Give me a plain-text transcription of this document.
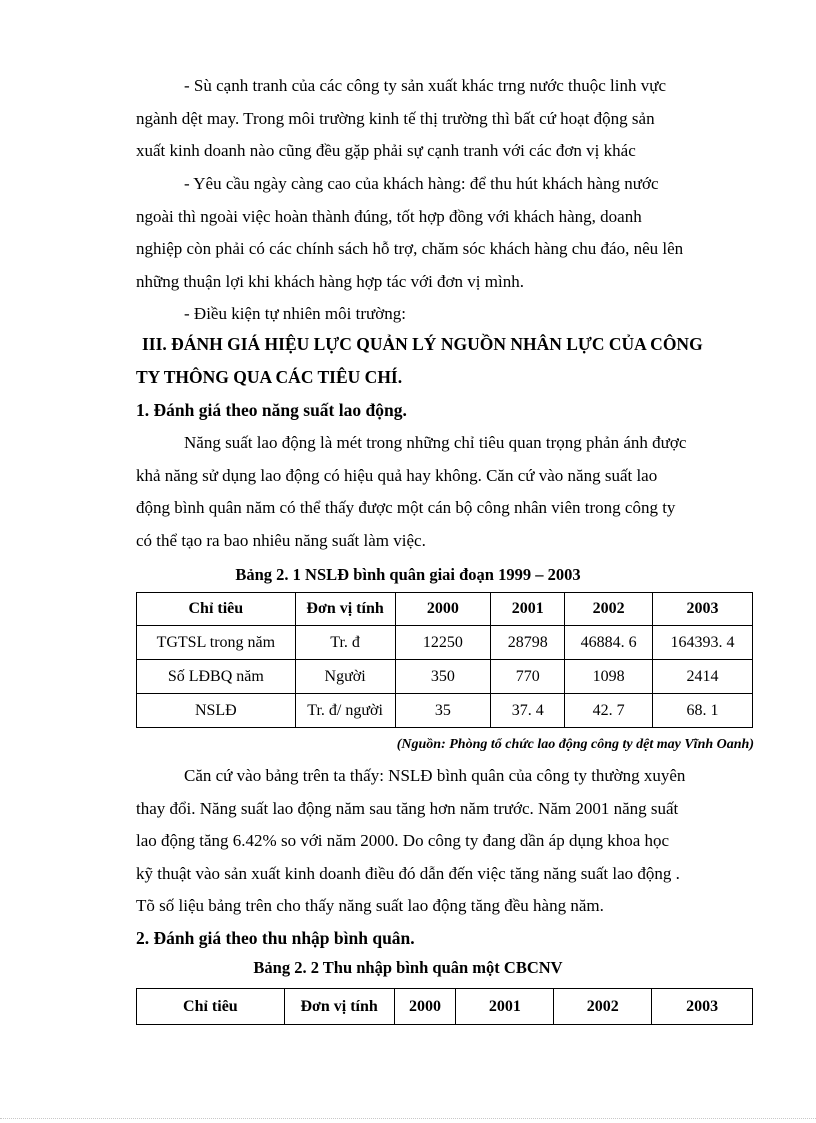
- Sù cạnh tranh của các công ty sản xuất khác trng nước thuộc linh vực
ngành dệt may. Trong môi trường kinh tế thị trường thì bất cứ hoạt động sản
xuất kinh doanh nào cũng đều gặp phải sự cạnh tranh với các đơn vị khác
- Yêu cầu ngày càng cao của khách hàng: để thu hút khách hàng nước
ngoài thì ngoài việc hoàn thành đúng, tốt hợp đồng với khách hàng, doanh
nghiệp còn phải có các chính sách hỗ trợ, chăm sóc khách hàng chu đáo, nêu lên
những thuận lợi khi khách hàng hợp tác với đơn vị mình.
- Điều kiện tự nhiên môi trường:
III. ĐÁNH GIÁ HIỆU LỰC QUẢN LÝ NGUỒN NHÂN LỰC CỦA CÔNG
TY THÔNG QUA CÁC TIÊU CHÍ.
1. Đánh giá theo năng suất lao động.
Năng suất lao động là mét trong những chỉ tiêu quan trọng phản ánh được
khả năng sử dụng lao động có hiệu quả hay không. Căn cứ vào năng suất lao
động bình quân năm có thể thấy được một cán bộ công nhân viên trong công ty
có thể tạo ra bao nhiêu năng suất làm việc.
Bảng 2. 1 NSLĐ bình quân giai đoạn 1999 – 2003
Chỉ tiêu	Đơn vị tính	2000	2001	2002	2003
TGTSL trong năm	Tr. đ	12250	28798	46884. 6	164393. 4
Số LĐBQ năm	Người	350	770	1098	2414
NSLĐ	Tr. đ/ người	35	37. 4	42. 7	68. 1
(Nguồn: Phòng tổ chức lao động công ty dệt may Vĩnh Oanh)
Căn cứ vào bảng trên ta thấy: NSLĐ bình quân của công ty thường xuyên
thay đổi. Năng suất lao động năm sau tăng hơn năm trước. Năm 2001 năng suất
lao động tăng 6.42% so với năm 2000. Do công ty đang dần áp dụng khoa học
kỹ thuật vào sản xuất kinh doanh điều đó dẫn đến việc tăng năng suất lao động .
Tõ số liệu bảng trên cho thấy năng suất lao động tăng đều hàng năm.
2. Đánh giá theo thu nhập bình quân.
Bảng 2. 2 Thu nhập bình quân một CBCNV
Chỉ tiêu	Đơn vị tính	2000	2001	2002	2003
